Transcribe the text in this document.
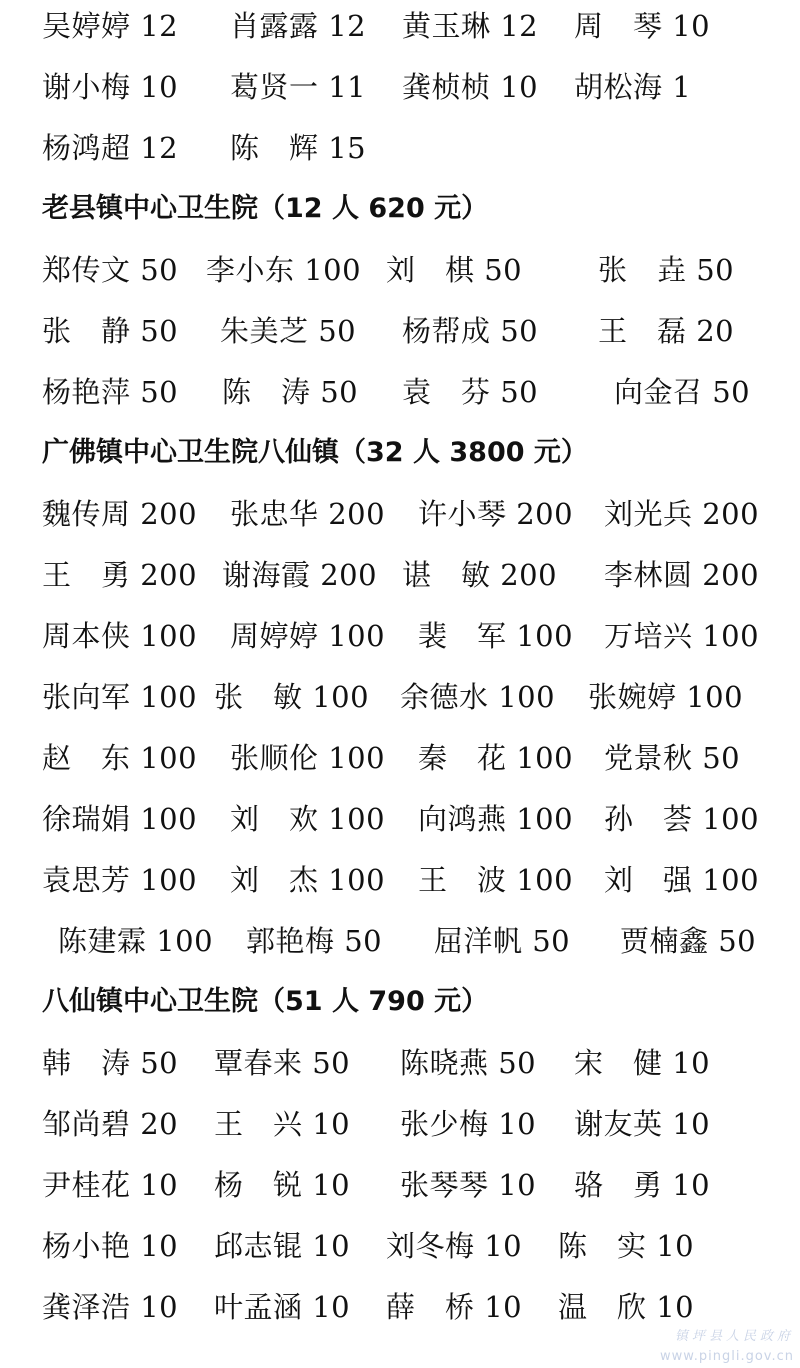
吴婷婷 12 肖露露 12 黄玉琳 12 周　琴 10
谢小梅 10 葛贤一 11 龚桢桢 10 胡松海 1
杨鸿超 12 陈　辉 15
老县镇中心卫生院（12 人 620 元）
郑传文 50 李小东 100 刘　棋 50	张　垚 50
张　静 50 朱美芝 50 杨帮成 50 王　磊 20
杨艳萍 50 陈　涛 50 袁　芬 50	向金召 50
广佛镇中心卫生院八仙镇（32 人 3800 元）
魏传周 200 张忠华 200 许小琴 200 刘光兵 200
王　勇 200 谢海霞 200 谌　敏 200 李林圆 200
周本侠 100 周婷婷 100 裴　军 100 万培兴 100
张向军 100 张　敏 100 余德水 100 张婉婷 100
赵　东 100 张顺伦 100 秦　花 100 党景秋 50
徐瑞娟 100 刘　欢 100 向鸿燕 100 孙　荟 100
袁思芳 100 刘　杰 100 王　波 100 刘　强 100
陈建霖 100 郭艳梅 50 屈洋帆 50 贾楠鑫 50
八仙镇中心卫生院（51 人 790 元）
韩　涛 50 覃春来 50 陈晓燕 50 宋　健 10
邹尚碧 20 王　兴 10 张少梅 10 谢友英 10
尹桂花 10 杨　锐 10 张琴琴 10 骆　勇 10
杨小艳 10 邱志锟 10 刘冬梅 10 陈　实 10
龚泽浩 10 叶孟涵 10 薛　桥 10 温　欣 10
镇坪县人民政府
www.pingli.gov.cn
